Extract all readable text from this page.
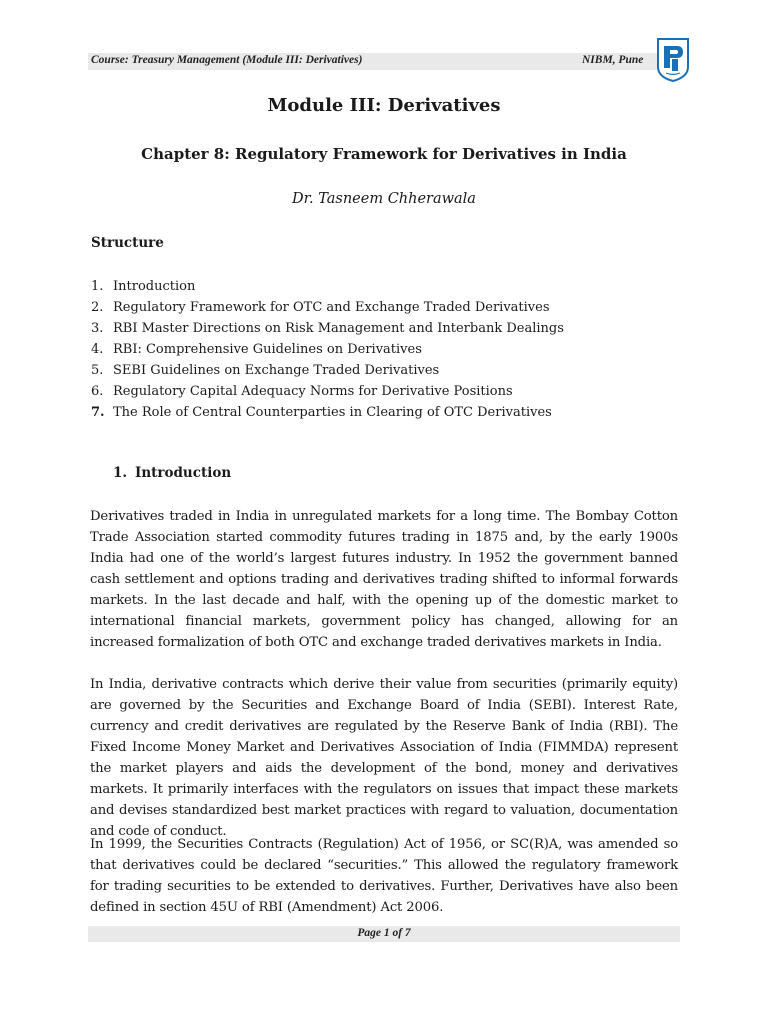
Course: Treasury Management (Module III: Derivatives)	NIBM, Pune
Module III: Derivatives
Chapter 8: Regulatory Framework for Derivatives in India
Dr. Tasneem Chherawala
Structure
1. Introduction
2. Regulatory Framework for OTC and Exchange Traded Derivatives
3. RBI Master Directions on Risk Management and Interbank Dealings
4. RBI: Comprehensive Guidelines on Derivatives
5. SEBI Guidelines on Exchange Traded Derivatives
6. Regulatory Capital Adequacy Norms for Derivative Positions
7. The Role of Central Counterparties in Clearing of OTC Derivatives
1. Introduction

Derivatives traded in India in unregulated markets for a long time. The Bombay Cotton Trade Association started commodity futures trading in 1875 and, by the early 1900s India had one of the world’s largest futures industry. In 1952 the government banned cash settlement and options trading and derivatives trading shifted to informal forwards markets. In the last decade and half, with the opening up of the domestic market to international financial markets, government policy has changed, allowing for an increased formalization of both OTC and exchange traded derivatives markets in India.

In India, derivative contracts which derive their value from securities (primarily equity) are governed by the Securities and Exchange Board of India (SEBI). Interest Rate, currency and credit derivatives are regulated by the Reserve Bank of India (RBI). The Fixed Income Money Market and Derivatives Association of India (FIMMDA) represent the market players and aids the development of the bond, money and derivatives markets. It primarily interfaces with the regulators on issues that impact these markets and devises standardized best market practices with regard to valuation, documentation and code of conduct.

In 1999, the Securities Contracts (Regulation) Act of 1956, or SC(R)A, was amended so that derivatives could be declared “securities.” This allowed the regulatory framework for trading securities to be extended to derivatives. Further, Derivatives have also been defined in section 45U of RBI (Amendment) Act 2006.

Page 1 of 7
